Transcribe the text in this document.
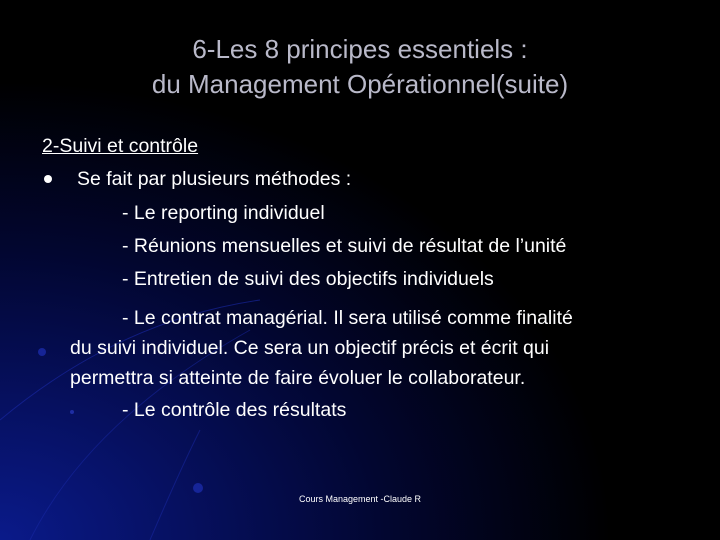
6-Les 8 principes essentiels :
du Management Opérationnel(suite)
2-Suivi et contrôle
Se fait par plusieurs méthodes :
- Le reporting individuel
- Réunions mensuelles et suivi de résultat de l’unité
- Entretien de suivi des objectifs individuels
- Le contrat managérial. Il sera utilisé comme finalité
du suivi individuel. Ce sera un objectif précis et écrit qui
permettra si atteinte de faire évoluer le collaborateur.
- Le contrôle des résultats
Cours Management -Claude R
